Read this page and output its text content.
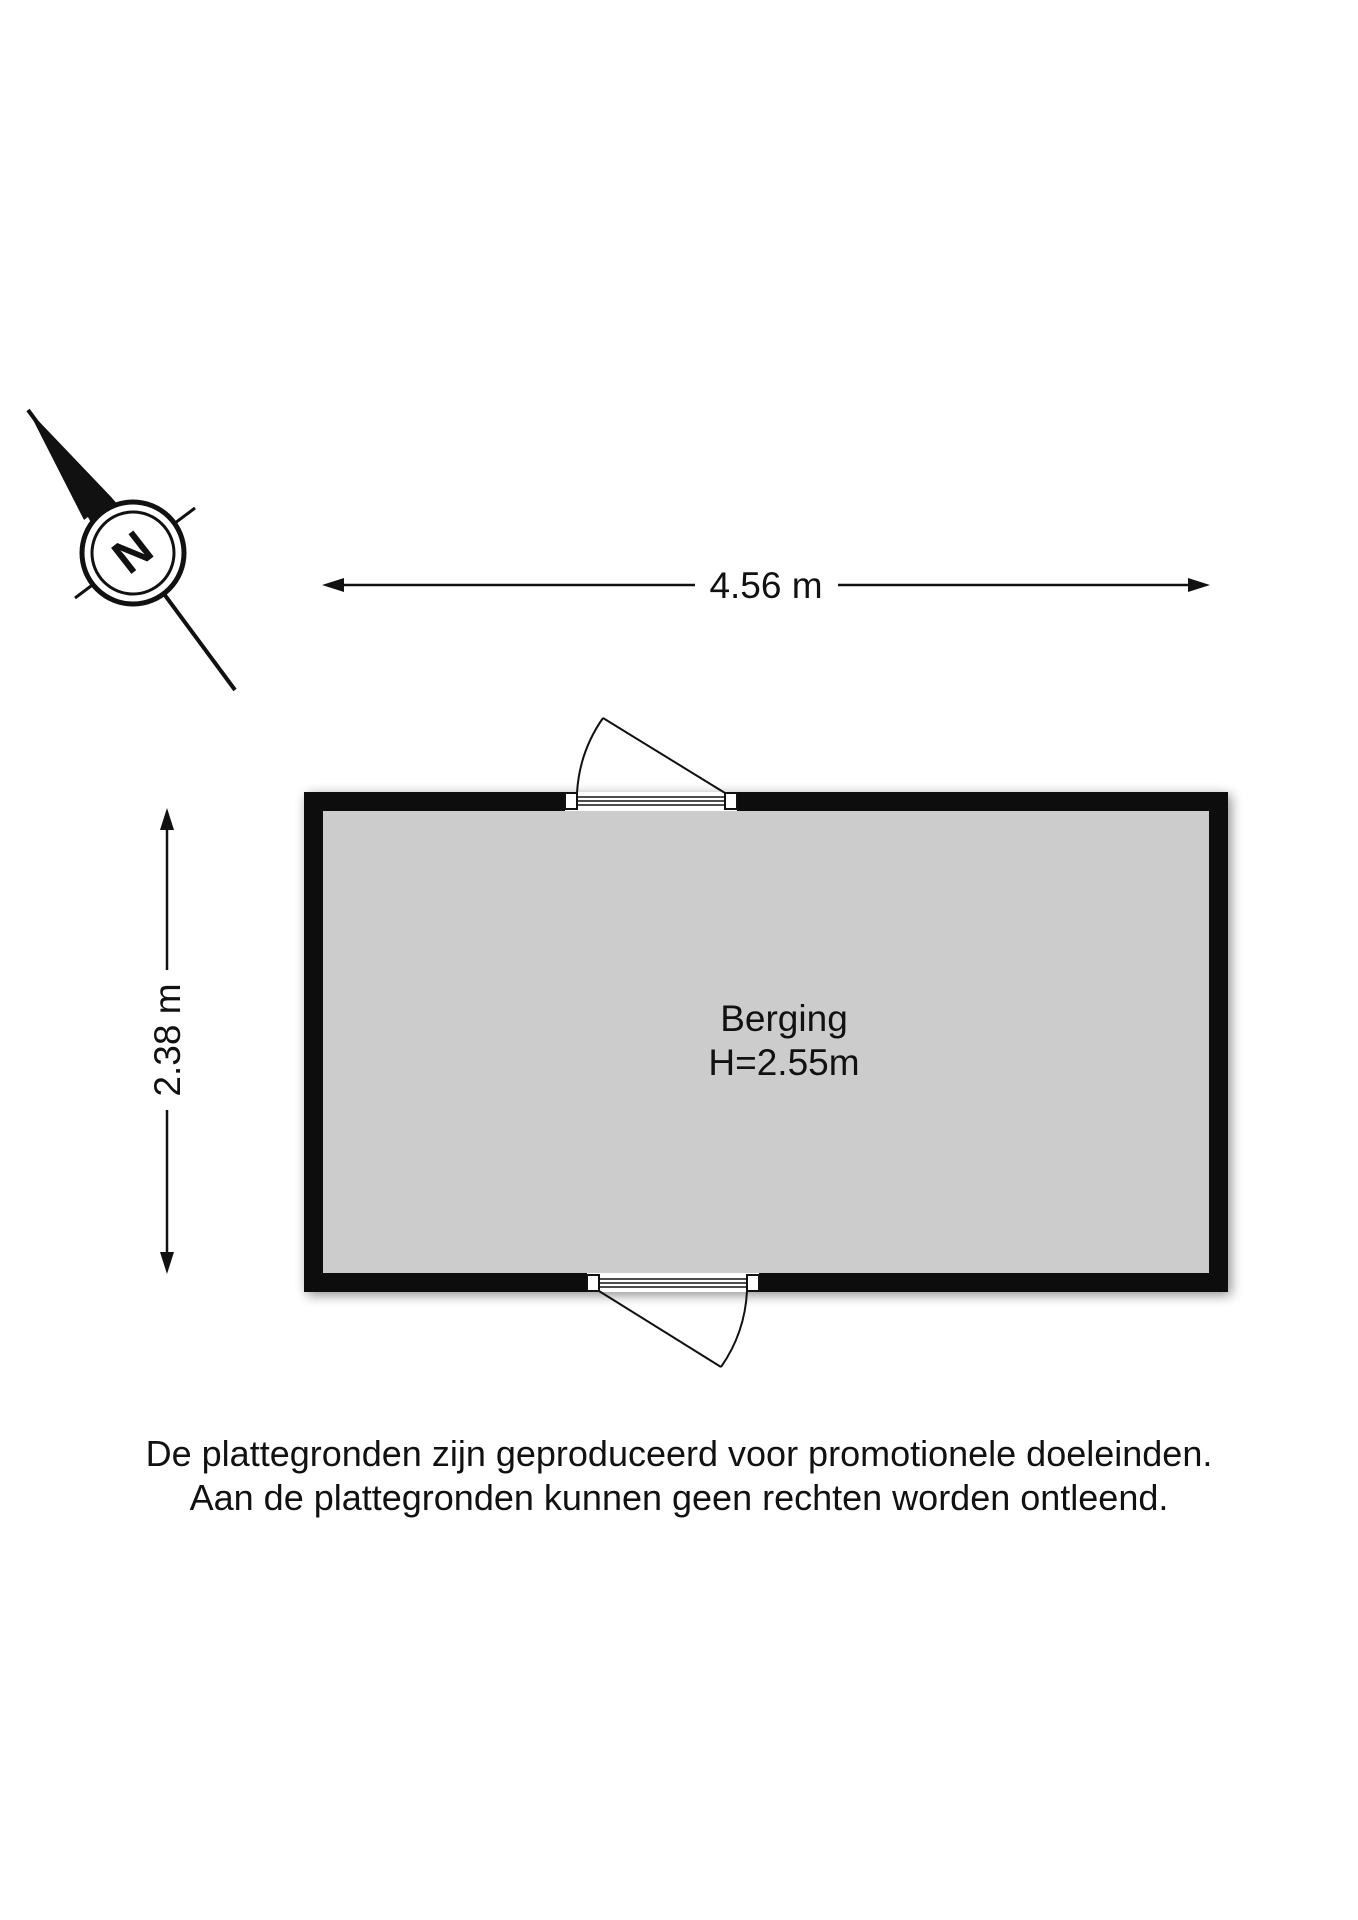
N
4.56 m
2.38 m	Berging
H=2.55m
De plattegronden zijn geproduceerd voor promotionele doeleinden.
Aan de plattegronden kunnen geen rechten worden ontleend.
